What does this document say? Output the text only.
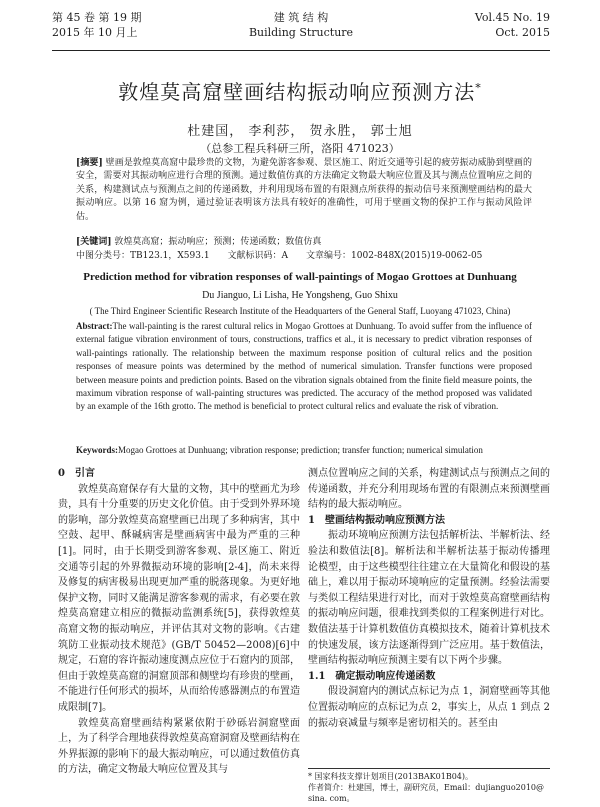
第 45 卷 第 19 期
2015 年 10 月上
建 筑 结 构
Building Structure
Vol.45 No. 19
Oct. 2015
敦煌莫高窟壁画结构振动响应预测方法*
杜建国， 李利莎， 贺永胜， 郭士旭
（总参工程兵科研三所，洛阳 471023）
[摘要] 壁画是敦煌莫高窟中最珍贵的文物，为避免游客参观、景区施工、附近交通等引起的疲劳振动威胁到壁画的安全，需要对其振动响应进行合理的预测。通过数值仿真的方法确定文物最大响应位置及其与测点位置响应之间的关系，构建测试点与预测点之间的传递函数，并利用现场布置的有限测点所获得的振动信号来预测壁画结构的最大振动响应。以第 16 窟为例，通过验证表明该方法具有较好的准确性，可用于壁画文物的保护工作与振动风险评估。
[关键词] 敦煌莫高窟；振动响应；预测；传递函数；数值仿真
中图分类号：TB123.1，X593.1　　文献标识码：A　　文章编号：1002-848X(2015)19-0062-05
Prediction method for vibration responses of wall-paintings of Mogao Grottoes at Dunhuang
Du Jianguo, Li Lisha, He Yongsheng, Guo Shixu
( The Third Engineer Scientific Research Institute of the Headquarters of the General Staff, Luoyang 471023, China)
Abstract:The wall-painting is the rarest cultural relics in Mogao Grottoes at Dunhuang. To avoid suffer from the influence of external fatigue vibration environment of tours, constructions, traffics et al., it is necessary to predict vibration responses of wall-paintings rationally. The relationship between the maximum response position of cultural relics and the position responses of measure points was determined by the method of numerical simulation. Transfer functions were proposed between measure points and prediction points. Based on the vibration signals obtained from the finite field measure points, the maximum vibration response of wall-painting structures was predicted. The accuracy of the method proposed was validated by an example of the 16th grotto. The method is beneficial to protect cultural relics and evaluate the risk of vibration.
Keywords:Mogao Grottoes at Dunhuang; vibration response; prediction; transfer function; numerical simulation
0　引言

敦煌莫高窟保存有大量的文物，其中的壁画尤为珍贵，具有十分重要的历史文化价值。由于受到外界环境的影响，部分敦煌莫高窟壁画已出现了多种病害，其中空鼓、起甲、酥碱病害是壁画病害中最为严重的三种[1]。同时，由于长期受到游客参观、景区施工、附近交通等引起的外界微振动环境的影响[2-4]，尚未来得及修复的病害极易出现更加严重的脱落现象。为更好地保护文物，同时又能满足游客参观的需求，有必要在敦煌莫高窟建立相应的微振动监测系统[5]，获得敦煌莫高窟文物的振动响应，并评估其对文物的影响。《古建筑防工业振动技术规范》(GB/T 50452—2008)[6]中规定，石窟的容许振动速度测点应位于石窟内的顶部，但由于敦煌莫高窟的洞窟顶部和侧壁均有珍贵的壁画，不能进行任何形式的损坏，从而给传感器测点的布置造成限制[7]。

敦煌莫高窟壁画结构紧紧依附于砂砾岩洞窟壁面上，为了科学合理地获得敦煌莫高窟洞窟及壁画结构在外界振源的影响下的最大振动响应，可以通过数值仿真的方法，确定文物最大响应位置及其与

测点位置响应之间的关系，构建测试点与预测点之间的传递函数，并充分利用现场布置的有限测点来预测壁画结构的最大振动响应。

1　壁画结构振动响应预测方法

振动环境响应预测方法包括解析法、半解析法、经验法和数值法[8]。解析法和半解析法基于振动传播理论模型，由于这些模型往往建立在大量简化和假设的基础上，难以用于振动环境响应的定量预测。经验法需要与类似工程结果进行对比，而对于敦煌莫高窟壁画结构的振动响应问题，很难找到类似的工程案例进行对比。数值法基于计算机数值仿真模拟技术，随着计算机技术的快速发展，该方法逐渐得到广泛应用。基于数值法，壁画结构振动响应预测主要有以下两个步骤。

1.1　确定振动响应传递函数

假设洞窟内的测试点标记为点 1，洞窟壁画等其他位置振动响应的点标记为点 2，事实上，从点 1 到点 2 的振动衰减量与频率是密切相关的。甚至由

* 国家科技支撑计划项目(2013BAK01B04)。
作者简介：杜建国，博士，副研究员，Email：dujianguo2010@ sina. com。
